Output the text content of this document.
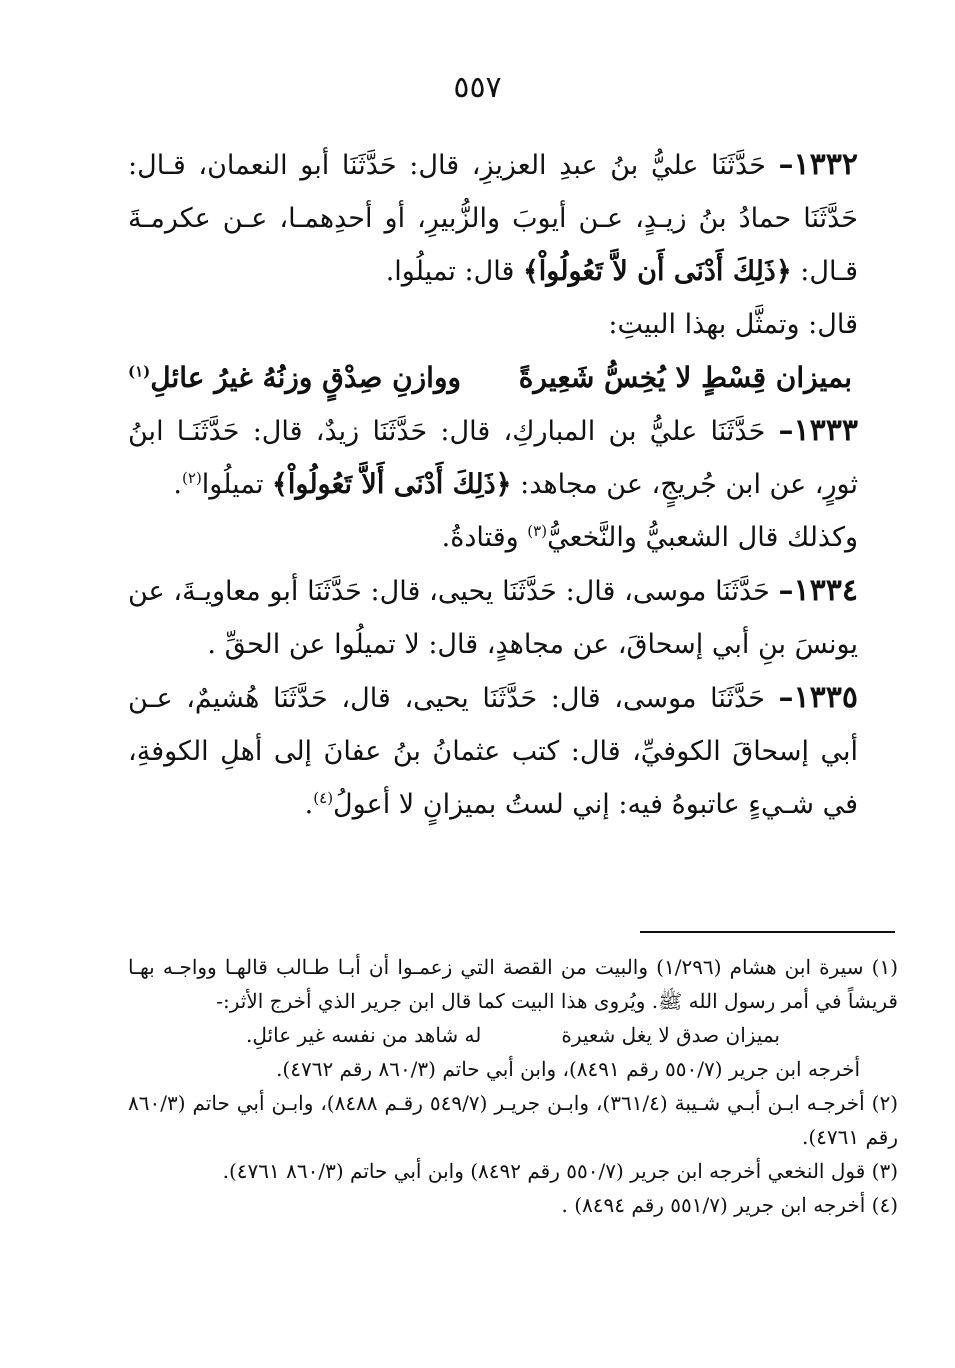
٥٥٧

١٣٣٢– حَدَّثَنَا عليُّ بنُ عبدِ العزيزِ، قال: حَدَّثَنَا أبو النعمان، قـال: حَدَّثَنَا حمادُ بنُ زيـدٍ، عـن أيوبَ والزُّبيرِ، أو أحدِهمـا، عـن عكرمـةَ قـال: ﴿ذَلِكَ أَدْنَى أَن لاَّ تَعُولُواْ﴾ قال: تميلُوا.

قال: وتمثَّل بهذا البيتِ:

بميزان قِسْطٍ لا يُخِسُّ شَعِيرةً
ووازنِ صِدْقٍ وزنُهُ غيرُ عائلِ$^{(١)}$

١٣٣٣– حَدَّثَنَا عليُّ بن المباركِ، قال: حَدَّثَنَا زيدٌ، قال: حَدَّثَنَـا ابنُ ثورٍ، عن ابن جُريجٍ، عن مجاهد: ﴿ذَلِكَ أَدْنَى أَلاَّ تَعُولُواْ﴾ تميلُوا$^{(٢)}$.

وكذلك قال الشعبيُّ والنَّخعيُّ$^{(٣)}$ وقتادةُ.

١٣٣٤– حَدَّثَنَا موسى، قال: حَدَّثَنَا يحيى، قال: حَدَّثَنَا أبو معاويـةَ، عن يونسَ بنِ أبي إسحاقَ، عن مجاهدٍ، قال: لا تميلُوا عن الحقِّ .

١٣٣٥– حَدَّثَنَا موسى، قال: حَدَّثَنَا يحيى، قال، حَدَّثَنَا هُشيمٌ، عـن أبي إسحاقَ الكوفيِّ، قال: كتب عثمانُ بنُ عفانَ إلى أهلِ الكوفةِ، في شـيءٍ عاتبوهُ فيه: إني لستُ بميزانٍ لا أعولُ$^{(٤)}$.

(١) سيرة ابن هشام (١/٢٩٦) والبيت من القصة التي زعمـوا أن أبـا طـالب قالهـا وواجـه بهـا قريشاً في أمر رسول الله ﷺ. ويُروى هذا البيت كما قال ابن جرير الذي أخرج الأثر:-

بميزان صدق لا يغل شعيرة
له شاهد من نفسه غير عائلِ.

أخرجه ابن جرير (٥٥٠/٧ رقم ٨٤٩١)، وابن أبي حاتم (٨٦٠/٣ رقم ٤٧٦٢).

(٢) أخرجـه ابـن أبـي شـيبة (٣٦١/٤)، وابـن جريـر (٥٤٩/٧ رقـم ٨٤٨٨)، وابـن أبي حاتم (٨٦٠/٣ رقم ٤٧٦١).

(٣) قول النخعي أخرجه ابن جرير (٥٥٠/٧ رقم ٨٤٩٢) وابن أبي حاتم (٨٦٠/٣ ٤٧٦١).

(٤) أخرجه ابن جرير (٥٥١/٧ رقم ٨٤٩٤) .
